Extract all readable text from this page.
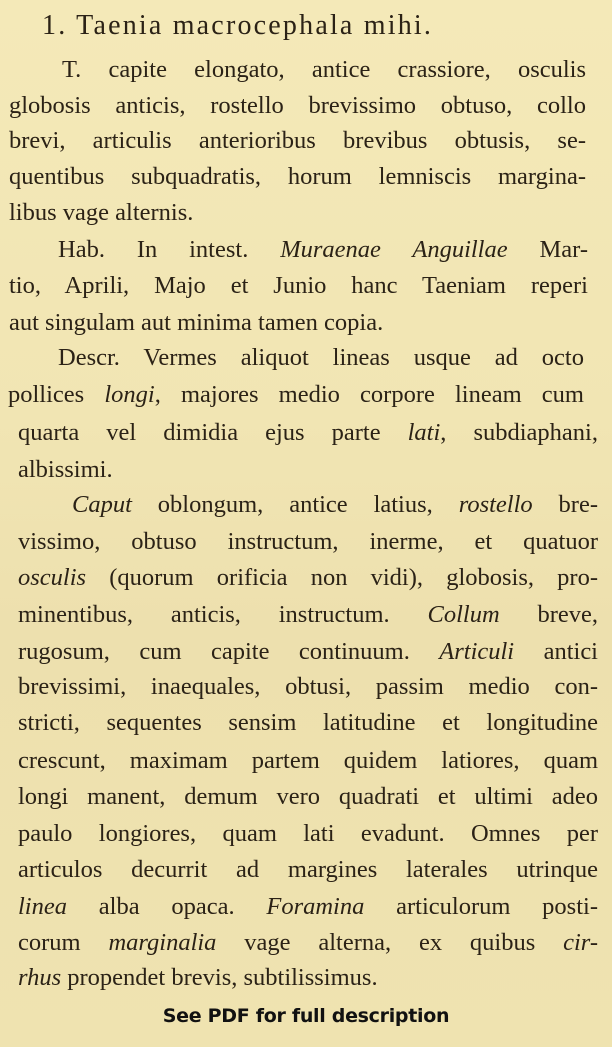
1. Taenia macrocephala mihi.
T. capite elongato, antice crassiore, osculis
globosis anticis, rostello brevissimo obtuso, collo
brevi, articulis anterioribus brevibus obtusis, se-
quentibus subquadratis, horum lemniscis margina-
libus vage alternis.
Hab. In intest. Muraenae Anguillae Mar-
tio, Aprili, Majo et Junio hanc Taeniam reperi
aut singulam aut minima tamen copia.
Descr. Vermes aliquot lineas usque ad octo
pollices longi, majores medio corpore lineam cum
quarta vel dimidia ejus parte lati, subdiaphani,
albissimi.
Caput oblongum, antice latius, rostello bre-
vissimo, obtuso instructum, inerme, et quatuor
osculis (quorum orificia non vidi), globosis, pro-
minentibus, anticis, instructum. Collum breve,
rugosum, cum capite continuum. Articuli antici
brevissimi, inaequales, obtusi, passim medio con-
stricti, sequentes sensim latitudine et longitudine
crescunt, maximam partem quidem latiores, quam
longi manent, demum vero quadrati et ultimi adeo
paulo longiores, quam lati evadunt. Omnes per
articulos decurrit ad margines laterales utrinque
linea alba opaca. Foramina articulorum posti-
corum marginalia vage alterna, ex quibus cir-
rhus propendet brevis, subtilissimus.
See PDF for full description
